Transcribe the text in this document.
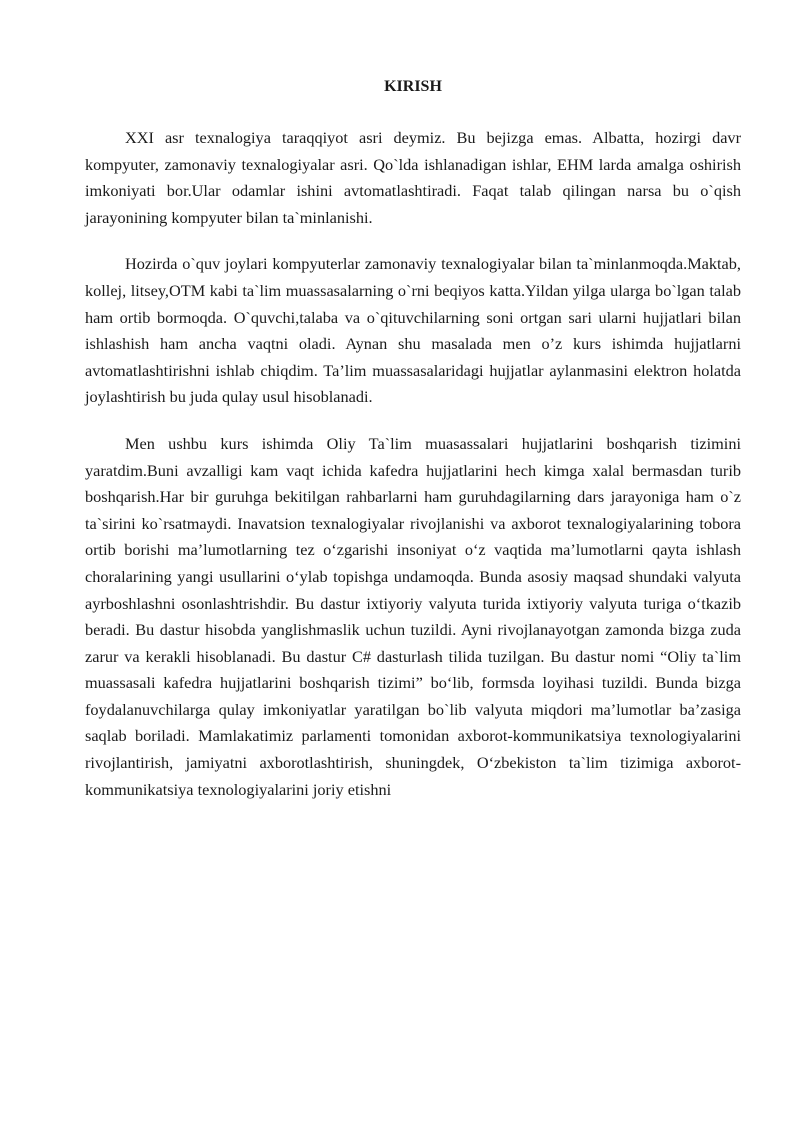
KIRISH

XXI asr texnalogiya taraqqiyot asri deymiz. Bu bejizga emas. Albatta, hozirgi davr kompyuter, zamonaviy texnalogiyalar asri. Qo`lda ishlanadigan ishlar, EHM larda amalga oshirish imkoniyati bor.Ular odamlar ishini avtomatlashtiradi. Faqat talab qilingan narsa bu o`qish jarayonining kompyuter bilan ta`minlanishi.

Hozirda o`quv joylari kompyuterlar zamonaviy texnalogiyalar bilan ta`minlanmoqda.Maktab, kollej, litsey,OTM kabi ta`lim muassasalarning o`rni beqiyos katta.Yildan yilga ularga bo`lgan talab ham ortib bormoqda. O`quvchi,talaba va o`qituvchilarning soni ortgan sari ularni hujjatlari bilan ishlashish ham ancha vaqtni oladi. Aynan shu masalada men o’z kurs ishimda hujjatlarni avtomatlashtirishni ishlab chiqdim. Ta’lim muassasalaridagi hujjatlar aylanmasini elektron holatda joylashtirish bu juda qulay usul hisoblanadi.

Men ushbu kurs ishimda Oliy Ta`lim muasassalari hujjatlarini boshqarish tizimini yaratdim.Buni avzalligi kam vaqt ichida kafedra hujjatlarini hech kimga xalal bermasdan turib boshqarish.Har bir guruhga bekitilgan rahbarlarni ham guruhdagilarning dars jarayoniga ham o`z ta`sirini ko`rsatmaydi. Inavatsion texnalogiyalar rivojlanishi va axborot texnalogiyalarining tobora ortib borishi ma’lumotlarning tez o‘zgarishi insoniyat o‘z vaqtida ma’lumotlarni qayta ishlash choralarining yangi usullarini o‘ylab topishga undamoqda. Bunda asosiy maqsad shundaki valyuta ayrboshlashni osonlashtrishdir. Bu dastur ixtiyoriy valyuta turida ixtiyoriy valyuta turiga o‘tkazib beradi. Bu dastur hisobda yanglishmaslik uchun tuzildi. Ayni rivojlanayotgan zamonda bizga zuda zarur va kerakli hisoblanadi. Bu dastur C# dasturlash tilida tuzilgan. Bu dastur nomi “Oliy ta`lim muassasali kafedra hujjatlarini boshqarish tizimi” bo‘lib, formsda loyihasi tuzildi. Bunda bizga foydalanuvchilarga qulay imkoniyatlar yaratilgan bo`lib valyuta miqdori ma’lumotlar ba’zasiga saqlab boriladi. Mamlakatimiz parlamenti tomonidan axborot-kommunikatsiya texnologiyalarini rivojlantirish, jamiyatni axborotlashtirish, shuningdek, O‘zbekiston ta`lim tizimiga axborot-kommunikatsiya texnologiyalarini joriy etishni
